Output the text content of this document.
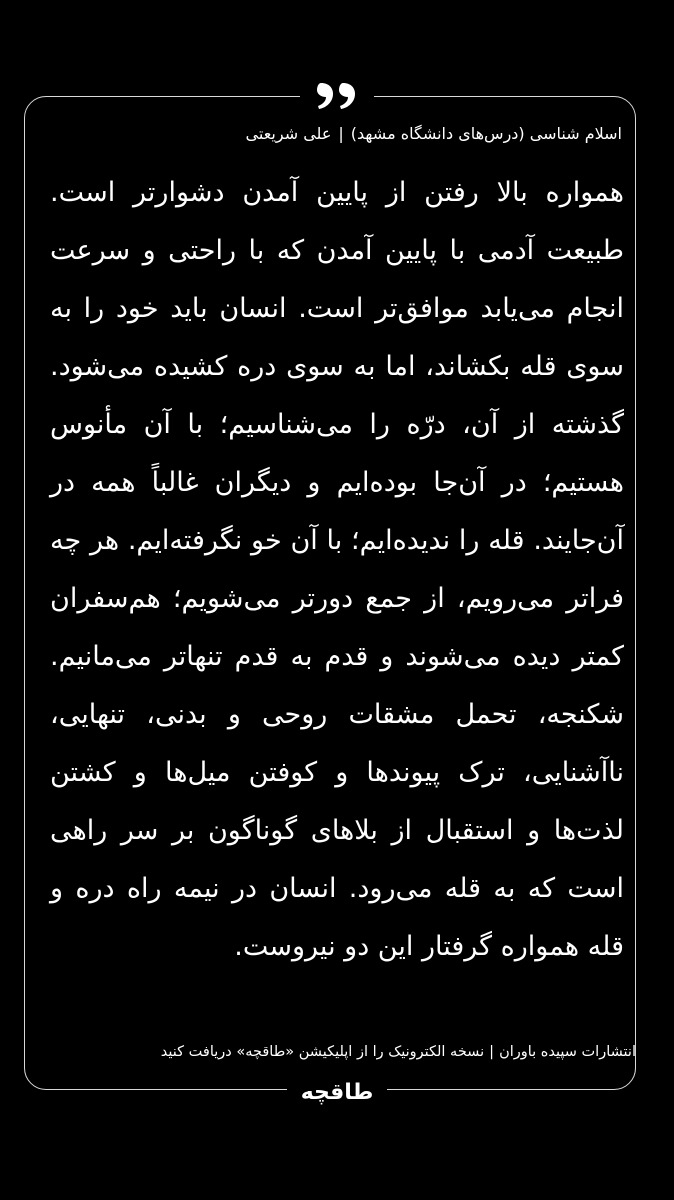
اسلام شناسی (درس‌های دانشگاه مشهد)|علی شریعتی
همواره بالا رفتن از پایین آمدن دشوارتر است. طبیعت آدمی با پایین آمدن که با راحتی و سرعت انجام می‌یابد موافق‌تر است. انسان باید خود را به سوی قله بکشاند، اما به سوی دره کشیده می‌شود. گذشته از آن، درّه را می‌شناسیم؛ با آن مأنوس هستیم؛ در آن‌جا بوده‌ایم و دیگران غالباً همه در آن‌جایند. قله را ندیده‌ایم؛ با آن خو نگرفته‌ایم. هر چه فراتر می‌رویم، از جمع دورتر می‌شویم؛ هم‌سفران کمتر دیده می‌شوند و قدم به قدم تنهاتر می‌مانیم. شکنجه، تحمل مشقات روحی و بدنی، تنهایی، ناآشنایی، ترک پیوندها و کوفتن میل‌ها و کشتن لذت‌ها و استقبال از بلاهای گوناگون بر سر راهی است که به قله می‌رود. انسان در نیمه راه دره و قله همواره گرفتار این دو نیروست.
انتشارات سپیده باوران|نسخه الکترونیک را از اپلیکیشن «طاقچه» دریافت کنید
طاقچه
